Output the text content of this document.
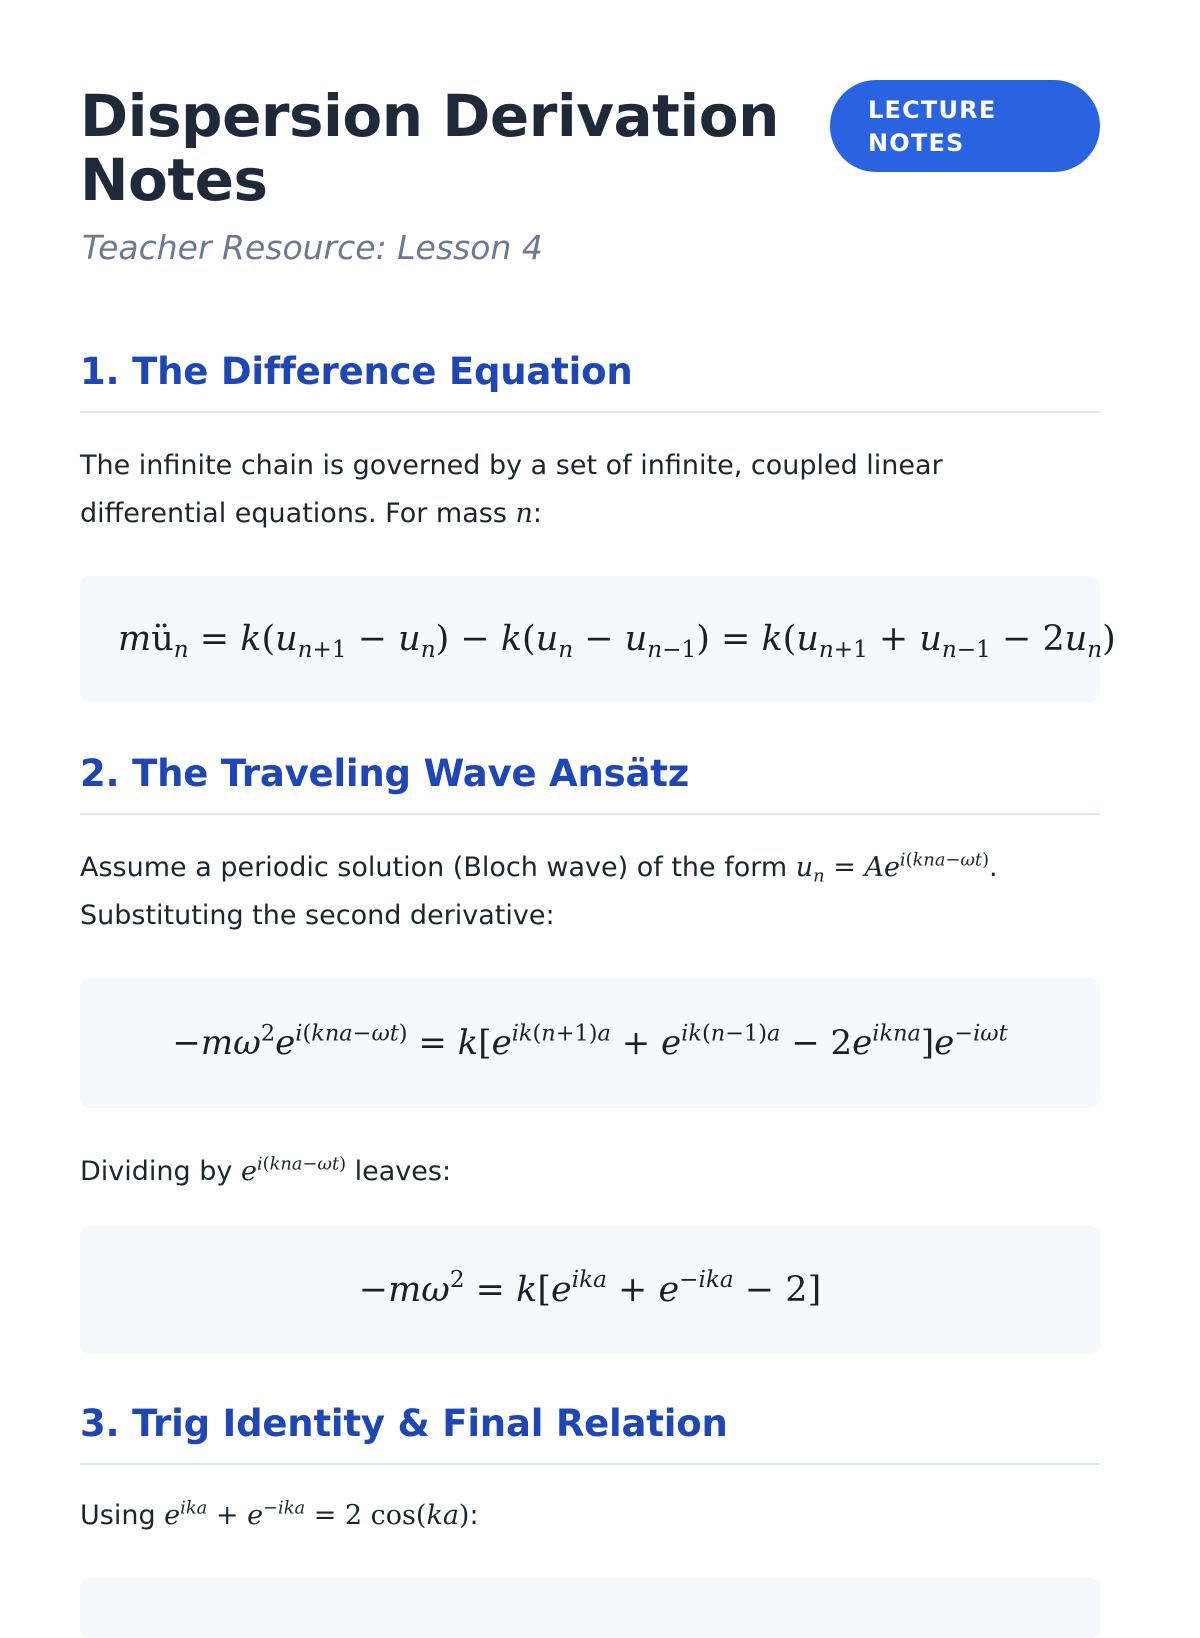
Dispersion Derivation Notes
Teacher Resource: Lesson 4
LECTURE
NOTES
1. The Difference Equation
The infinite chain is governed by a set of infinite, coupled linear differential equations. For mass n:
$mü_n = k(u_{n+1} - u_n) - k(u_n - u_{n-1}) = k(u_{n+1} + u_{n-1} - 2u_n)$
2. The Traveling Wave Ansätz
Assume a periodic solution (Bloch wave) of the form $u_n = Ae^{i(kna-\omega t)}$. Substituting the second derivative:
$-m\omega^2e^{i(kna-\omega t)} = k[e^{ik(n+1)a} + e^{ik(n-1)a} - 2e^{ikna}]e^{-i\omega t}$
Dividing by $e^{i(kna-\omega t)}$ leaves:
$-m\omega^2 = k[e^{ika} + e^{-ika} - 2]$
3. Trig Identity & Final Relation
Using $e^{ika} + e^{-ika} = 2$ cos(ka):
